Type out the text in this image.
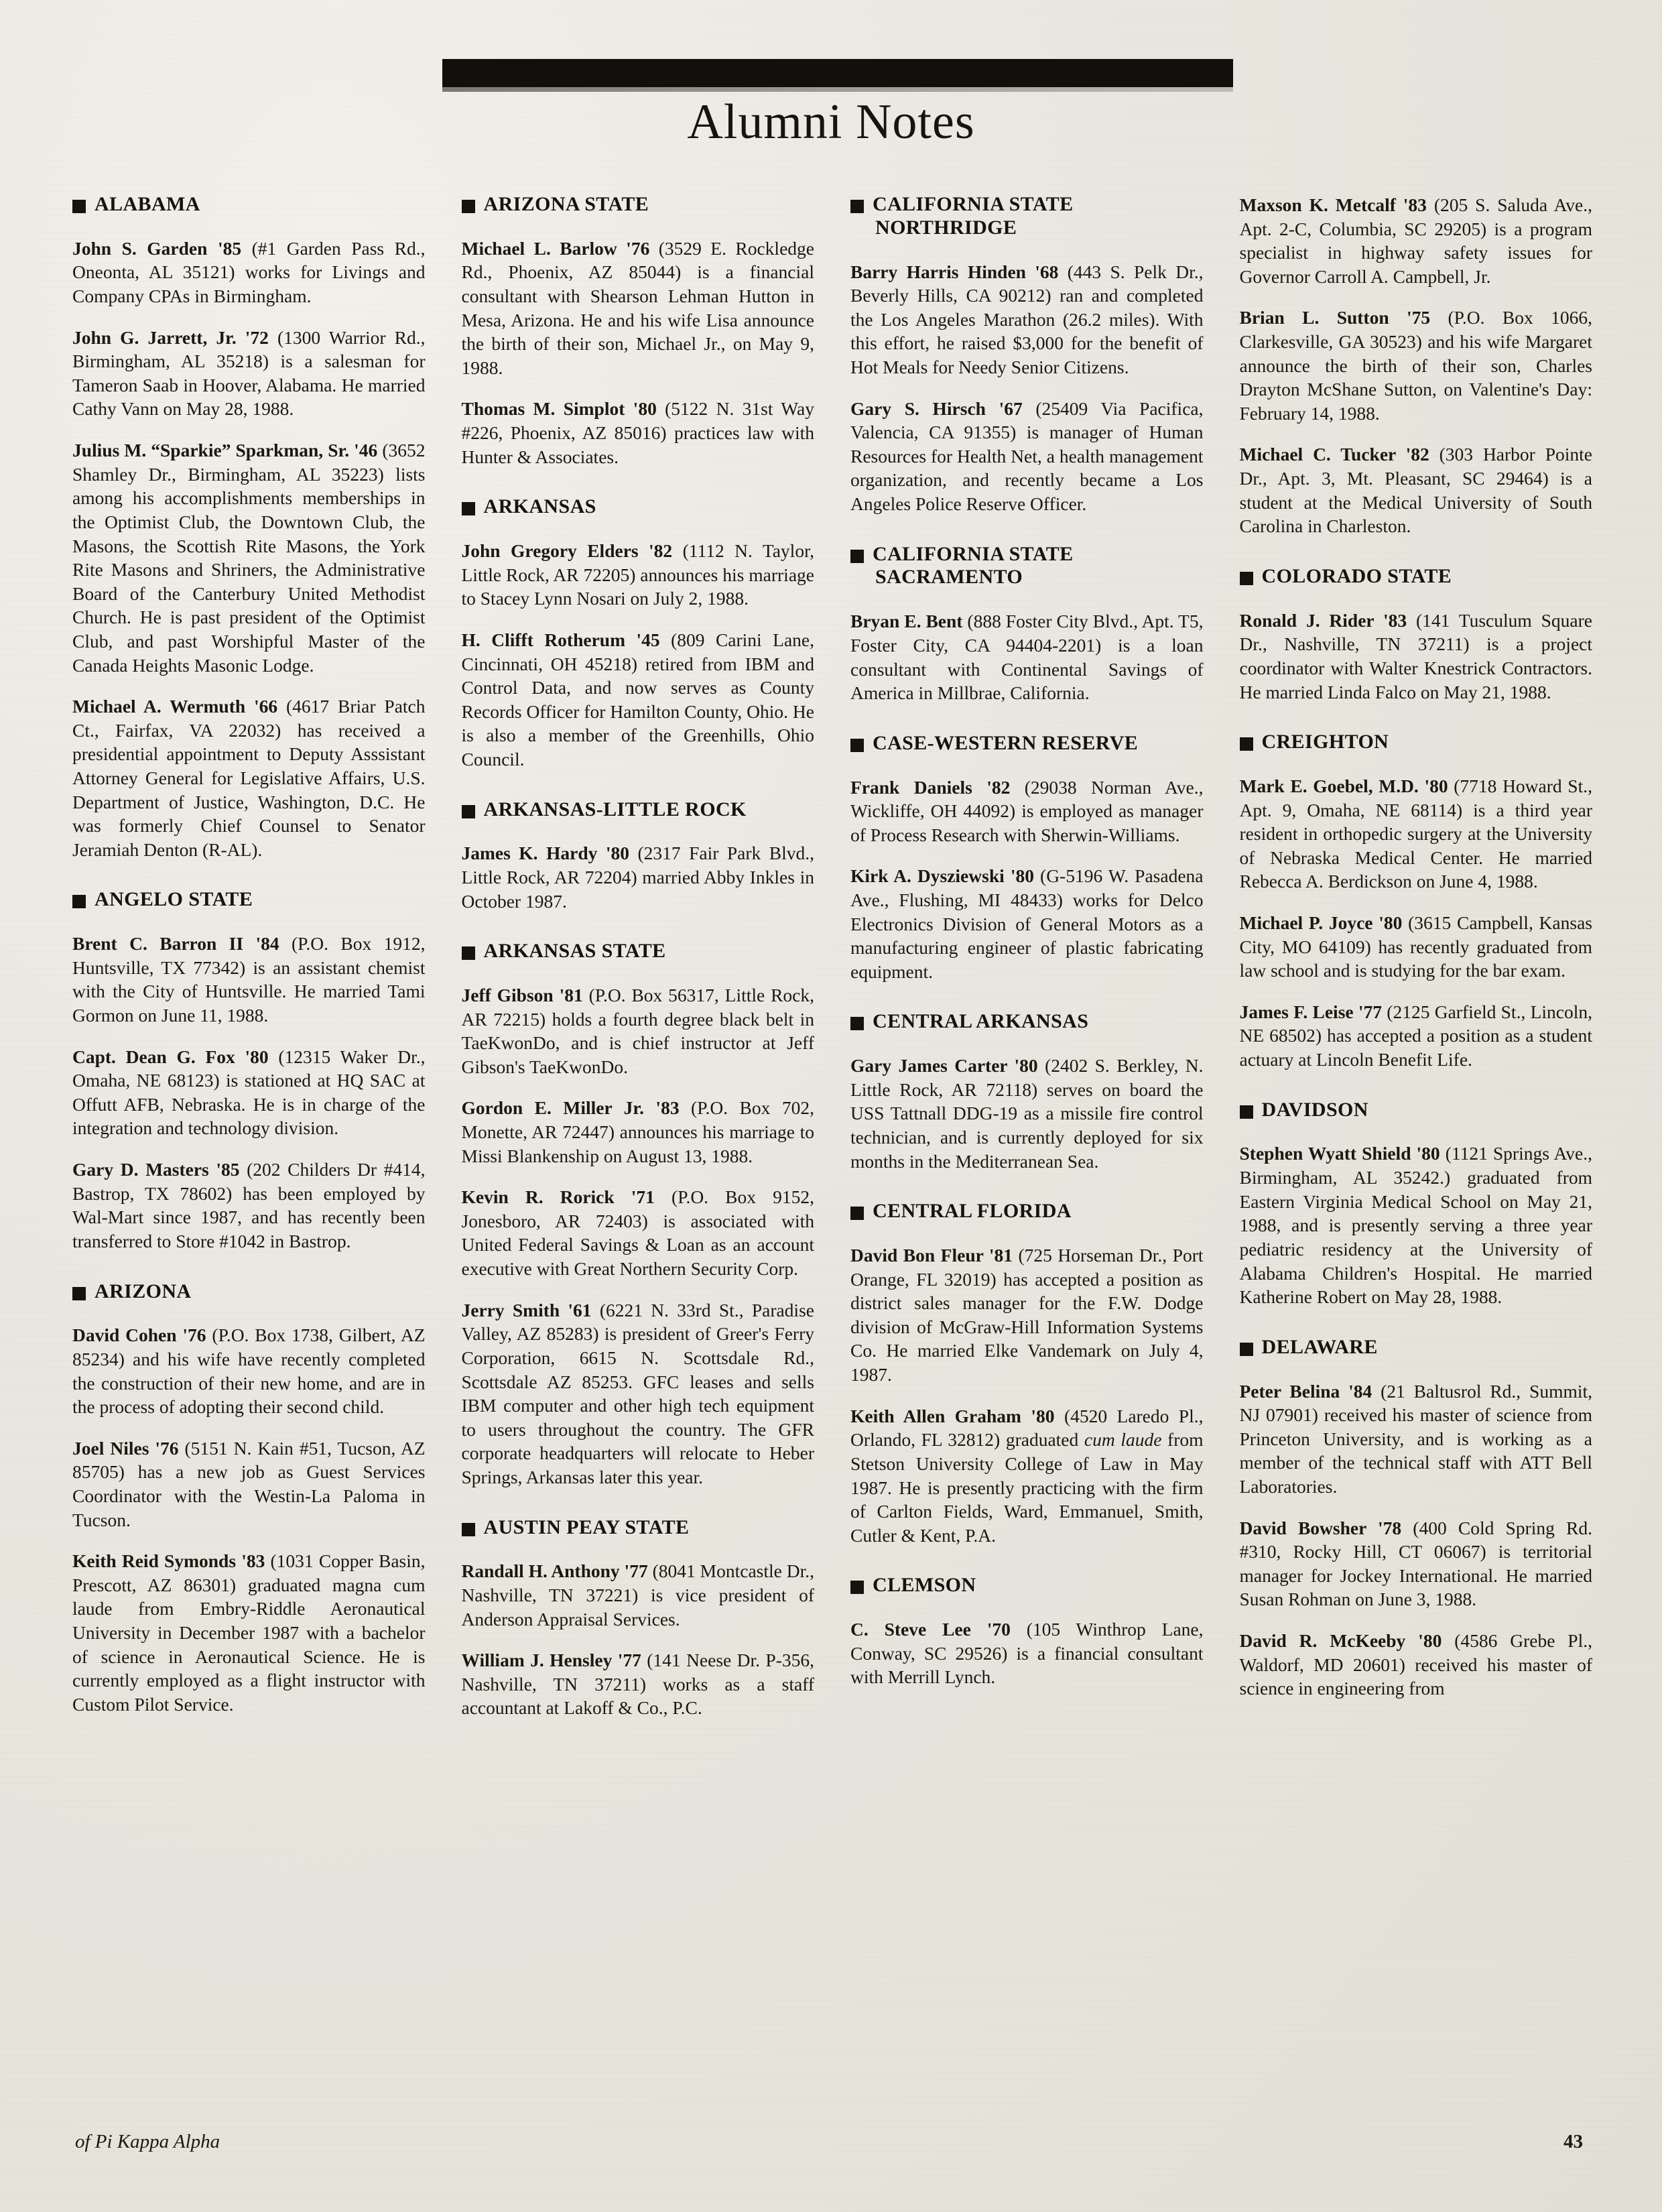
Alumni Notes
ALABAMA

John S. Garden '85 (#1 Garden Pass Rd., Oneonta, AL 35121) works for Livings and Company CPAs in Birmingham.

John G. Jarrett, Jr. '72 (1300 Warrior Rd., Birmingham, AL 35218) is a salesman for Tameron Saab in Hoover, Alabama. He married Cathy Vann on May 28, 1988.

Julius M. “Sparkie” Sparkman, Sr. '46 (3652 Shamley Dr., Birmingham, AL 35223) lists among his accomplishments memberships in the Optimist Club, the Downtown Club, the Masons, the Scottish Rite Masons, the York Rite Masons and Shriners, the Administrative Board of the Canterbury United Methodist Church. He is past president of the Optimist Club, and past Worshipful Master of the Canada Heights Masonic Lodge.

Michael A. Wermuth '66 (4617 Briar Patch Ct., Fairfax, VA 22032) has received a presidential appointment to Deputy Asssistant Attorney General for Legislative Affairs, U.S. Department of Justice, Washington, D.C. He was formerly Chief Counsel to Senator Jeramiah Denton (R-AL).

ANGELO STATE

Brent C. Barron II '84 (P.O. Box 1912, Huntsville, TX 77342) is an assistant chemist with the City of Huntsville. He married Tami Gormon on June 11, 1988.

Capt. Dean G. Fox '80 (12315 Waker Dr., Omaha, NE 68123) is stationed at HQ SAC at Offutt AFB, Nebraska. He is in charge of the integration and technology division.

Gary D. Masters '85 (202 Childers Dr #414, Bastrop, TX 78602) has been employed by Wal-Mart since 1987, and has recently been transferred to Store #1042 in Bastrop.

ARIZONA

David Cohen '76 (P.O. Box 1738, Gilbert, AZ 85234) and his wife have recently completed the construction of their new home, and are in the process of adopting their second child.

Joel Niles '76 (5151 N. Kain #51, Tucson, AZ 85705) has a new job as Guest Services Coordinator with the Westin-La Paloma in Tucson.

Keith Reid Symonds '83 (1031 Copper Basin, Prescott, AZ 86301) graduated magna cum laude from Embry-Riddle Aeronautical University in December 1987 with a bachelor of science in Aeronautical Science. He is currently employed as a flight instructor with Custom Pilot Service.

ARIZONA STATE

Michael L. Barlow '76 (3529 E. Rockledge Rd., Phoenix, AZ 85044) is a financial consultant with Shearson Lehman Hutton in Mesa, Arizona. He and his wife Lisa announce the birth of their son, Michael Jr., on May 9, 1988.

Thomas M. Simplot '80 (5122 N. 31st Way #226, Phoenix, AZ 85016) practices law with Hunter & Associates.

ARKANSAS

John Gregory Elders '82 (1112 N. Taylor, Little Rock, AR 72205) announces his marriage to Stacey Lynn Nosari on July 2, 1988.

H. Clifft Rotherum '45 (809 Carini Lane, Cincinnati, OH 45218) retired from IBM and Control Data, and now serves as County Records Officer for Hamilton County, Ohio. He is also a member of the Greenhills, Ohio Council.

ARKANSAS-LITTLE ROCK

James K. Hardy '80 (2317 Fair Park Blvd., Little Rock, AR 72204) married Abby Inkles in October 1987.

ARKANSAS STATE

Jeff Gibson '81 (P.O. Box 56317, Little Rock, AR 72215) holds a fourth degree black belt in TaeKwonDo, and is chief instructor at Jeff Gibson's TaeKwonDo.

Gordon E. Miller Jr. '83 (P.O. Box 702, Monette, AR 72447) announces his marriage to Missi Blankenship on August 13, 1988.

Kevin R. Rorick '71 (P.O. Box 9152, Jonesboro, AR 72403) is associated with United Federal Savings & Loan as an account executive with Great Northern Security Corp.

Jerry Smith '61 (6221 N. 33rd St., Paradise Valley, AZ 85283) is president of Greer's Ferry Corporation, 6615 N. Scottsdale Rd., Scottsdale AZ 85253. GFC leases and sells IBM computer and other high tech equipment to users throughout the country. The GFR corporate headquarters will relocate to Heber Springs, Arkansas later this year.

AUSTIN PEAY STATE

Randall H. Anthony '77 (8041 Montcastle Dr., Nashville, TN 37221) is vice president of Anderson Appraisal Services.

William J. Hensley '77 (141 Neese Dr. P-356, Nashville, TN 37211) works as a staff accountant at Lakoff & Co., P.C.

CALIFORNIA STATE
NORTHRIDGE

Barry Harris Hinden '68 (443 S. Pelk Dr., Beverly Hills, CA 90212) ran and completed the Los Angeles Marathon (26.2 miles). With this effort, he raised $3,000 for the benefit of Hot Meals for Needy Senior Citizens.

Gary S. Hirsch '67 (25409 Via Pacifica, Valencia, CA 91355) is manager of Human Resources for Health Net, a health management organization, and recently became a Los Angeles Police Reserve Officer.

CALIFORNIA STATE
SACRAMENTO

Bryan E. Bent (888 Foster City Blvd., Apt. T5, Foster City, CA 94404-2201) is a loan consultant with Continental Savings of America in Millbrae, California.

CASE-WESTERN RESERVE

Frank Daniels '82 (29038 Norman Ave., Wickliffe, OH 44092) is employed as manager of Process Research with Sherwin-Williams.

Kirk A. Dysziewski '80 (G-5196 W. Pasadena Ave., Flushing, MI 48433) works for Delco Electronics Division of General Motors as a manufacturing engineer of plastic fabricating equipment.

CENTRAL ARKANSAS

Gary James Carter '80 (2402 S. Berkley, N. Little Rock, AR 72118) serves on board the USS Tattnall DDG-19 as a missile fire control technician, and is currently deployed for six months in the Mediterranean Sea.

CENTRAL FLORIDA

David Bon Fleur '81 (725 Horseman Dr., Port Orange, FL 32019) has accepted a position as district sales manager for the F.W. Dodge division of McGraw-Hill Information Systems Co. He married Elke Vandemark on July 4, 1987.

Keith Allen Graham '80 (4520 Laredo Pl., Orlando, FL 32812) graduated cum laude from Stetson University College of Law in May 1987. He is presently practicing with the firm of Carlton Fields, Ward, Emmanuel, Smith, Cutler & Kent, P.A.

CLEMSON

C. Steve Lee '70 (105 Winthrop Lane, Conway, SC 29526) is a financial consultant with Merrill Lynch.

Maxson K. Metcalf '83 (205 S. Saluda Ave., Apt. 2-C, Columbia, SC 29205) is a program specialist in highway safety issues for Governor Carroll A. Campbell, Jr.

Brian L. Sutton '75 (P.O. Box 1066, Clarkesville, GA 30523) and his wife Margaret announce the birth of their son, Charles Drayton McShane Sutton, on Valentine's Day: February 14, 1988.

Michael C. Tucker '82 (303 Harbor Pointe Dr., Apt. 3, Mt. Pleasant, SC 29464) is a student at the Medical University of South Carolina in Charleston.

COLORADO STATE

Ronald J. Rider '83 (141 Tusculum Square Dr., Nashville, TN 37211) is a project coordinator with Walter Knestrick Contractors. He married Linda Falco on May 21, 1988.

CREIGHTON

Mark E. Goebel, M.D. '80 (7718 Howard St., Apt. 9, Omaha, NE 68114) is a third year resident in orthopedic surgery at the University of Nebraska Medical Center. He married Rebecca A. Berdickson on June 4, 1988.

Michael P. Joyce '80 (3615 Campbell, Kansas City, MO 64109) has recently graduated from law school and is studying for the bar exam.

James F. Leise '77 (2125 Garfield St., Lincoln, NE 68502) has accepted a position as a student actuary at Lincoln Benefit Life.

DAVIDSON

Stephen Wyatt Shield '80 (1121 Springs Ave., Birmingham, AL 35242.) graduated from Eastern Virginia Medical School on May 21, 1988, and is presently serving a three year pediatric residency at the University of Alabama Children's Hospital. He married Katherine Robert on May 28, 1988.

DELAWARE

Peter Belina '84 (21 Baltusrol Rd., Summit, NJ 07901) received his master of science from Princeton University, and is working as a member of the technical staff with ATT Bell Laboratories.

David Bowsher '78 (400 Cold Spring Rd. #310, Rocky Hill, CT 06067) is territorial manager for Jockey International. He married Susan Rohman on June 3, 1988.

David R. McKeeby '80 (4586 Grebe Pl., Waldorf, MD 20601) received his master of science in engineering from

of Pi Kappa Alpha	43
